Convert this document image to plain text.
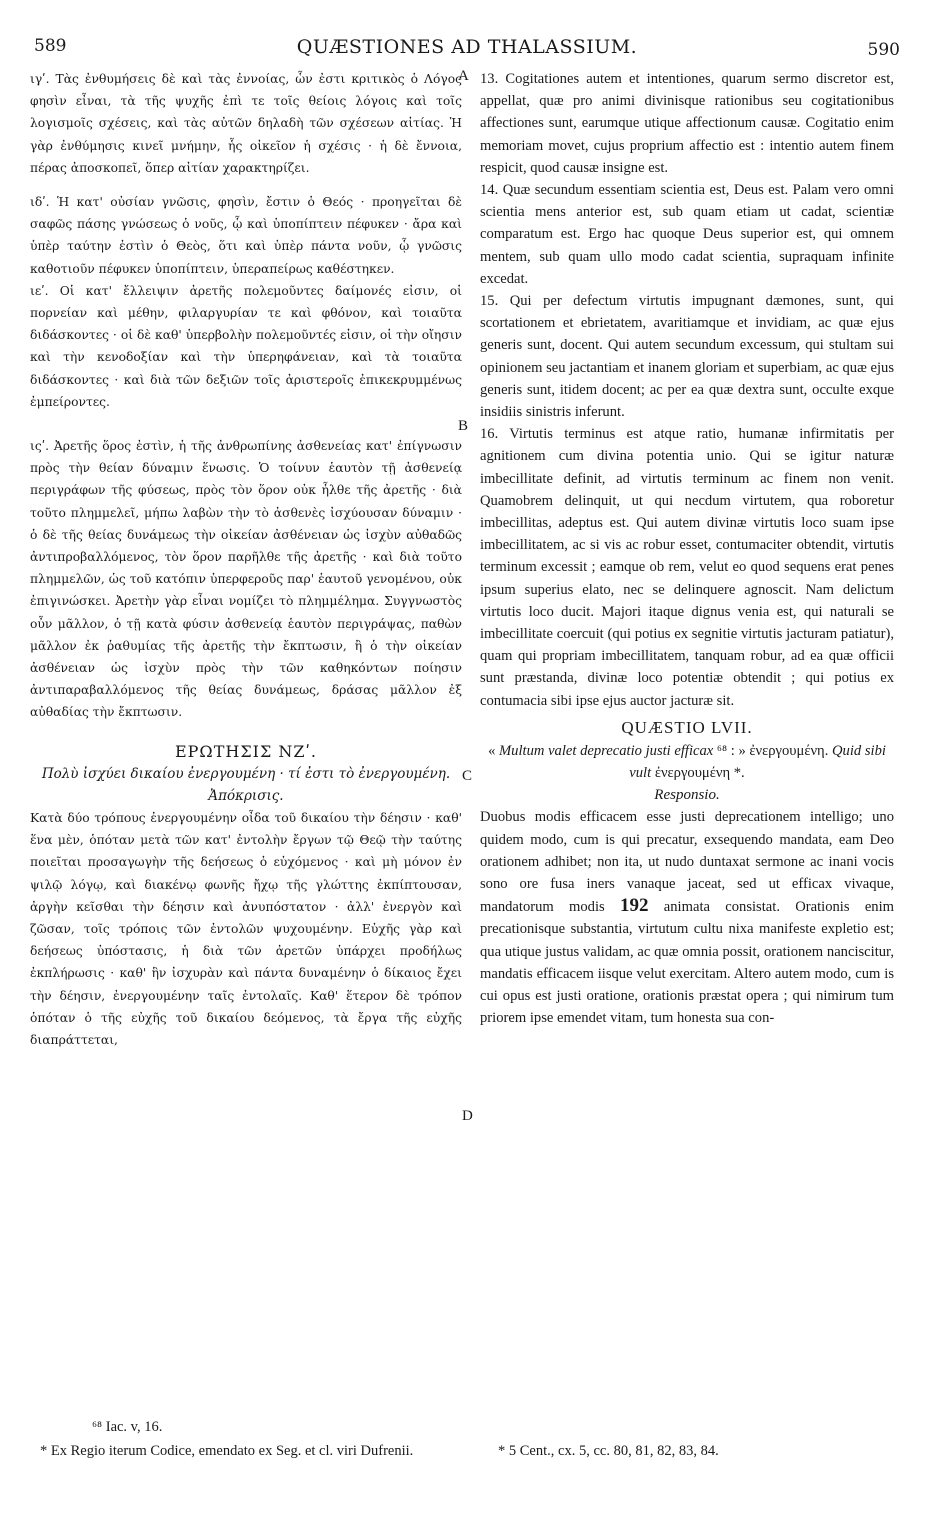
589	QUÆSTIONES AD THALASSIUM.	590
A
B
C
D

ιγʹ. Τὰς ἐνθυμήσεις δὲ καὶ τὰς ἐννοίας, ὧν ἐστι κριτικὸς ὁ Λόγος φησὶν εἶναι, τὰ τῆς ψυχῆς ἐπὶ τε τοῖς θείοις λόγοις καὶ τοῖς λογισμοῖς σχέσεις, καὶ τὰς αὐτῶν δηλαδὴ τῶν σχέσεων αἰτίας. Ἡ γὰρ ἐνθύμησις κινεῖ μνήμην, ἧς οἰκεῖον ἡ σχέσις · ἡ δὲ ἔννοια, πέρας ἀποσκοπεῖ, ὅπερ αἰτίαν χαρακτηρίζει.

ιδʹ. Ἡ κατ' οὐσίαν γνῶσις, φησὶν, ἔστιν ὁ Θεός · προηγεῖται δὲ σαφῶς πάσης γνώσεως ὁ νοῦς, ᾧ καὶ ὑποπίπτειν πέφυκεν · ἄρα καὶ ὑπὲρ ταύτην ἐστὶν ὁ Θεὸς, ὅτι καὶ ὑπὲρ πάντα νοῦν, ᾧ γνῶσις καθοτιοῦν πέφυκεν ὑποπίπτειν, ὑπεραπείρως καθέστηκεν.

ιεʹ. Οἱ κατ' ἔλλειψιν ἀρετῆς πολεμοῦντες δαίμονές εἰσιν, οἱ πορνείαν καὶ μέθην, φιλαργυρίαν τε καὶ φθόνον, καὶ τοιαῦτα διδάσκοντες · οἱ δὲ καθ' ὑπερβολὴν πολεμοῦντές εἰσιν, οἱ τὴν οἴησιν καὶ τὴν κενοδοξίαν καὶ τὴν ὑπερηφάνειαν, καὶ τὰ τοιαῦτα διδάσκοντες · καὶ διὰ τῶν δεξιῶν τοῖς ἀριστεροῖς ἐπικεκρυμμένως ἐμπείροντες.

ιςʹ. Ἀρετῆς ὅρος ἐστὶν, ἡ τῆς ἀνθρωπίνης ἀσθενείας κατ' ἐπίγνωσιν πρὸς τὴν θείαν δύναμιν ἕνωσις. Ὁ τοίνυν ἑαυτὸν τῇ ἀσθενείᾳ περιγράφων τῆς φύσεως, πρὸς τὸν ὅρον οὐκ ἦλθε τῆς ἀρετῆς · διὰ τοῦτο πλημμελεῖ, μήπω λαβὼν τὴν τὸ ἀσθενὲς ἰσχύουσαν δύναμιν · ὁ δὲ τῆς θείας δυνάμεως τὴν οἰκείαν ἀσθένειαν ὡς ἰσχὺν αὐθαδῶς ἀντιπροβαλλόμενος, τὸν ὅρον παρῆλθε τῆς ἀρετῆς · καὶ διὰ τοῦτο πλημμελῶν, ὡς τοῦ κατόπιν ὑπερφεροῦς παρ' ἑαυτοῦ γενομένου, οὐκ ἐπιγινώσκει. Ἀρετὴν γὰρ εἶναι νομίζει τὸ πλημμέλημα. Συγγνωστὸς οὖν μᾶλλον, ὁ τῇ κατὰ φύσιν ἀσθενείᾳ ἑαυτὸν περιγράψας, παθὼν μᾶλλον ἐκ ῥαθυμίας τῆς ἀρετῆς τὴν ἔκπτωσιν, ἢ ὁ τὴν οἰκείαν ἀσθένειαν ὡς ἰσχὺν πρὸς τὴν τῶν καθηκόντων ποίησιν ἀντιπαραβαλλόμενος τῆς θείας δυνάμεως, δράσας μᾶλλον ἐξ αὐθαδίας τὴν ἔκπτωσιν.

ΕΡΩΤΗΣΙΣ ΝΖʹ.

Πολὺ ἰσχύει δικαίου ἐνεργουμένη · τί ἐστι τὸ ἐνεργουμένη.

Ἀπόκρισις.

Κατὰ δύο τρόπους ἐνεργουμένην οἶδα τοῦ δικαίου τὴν δέησιν · καθ' ἕνα μὲν, ὁπόταν μετὰ τῶν κατ' ἐντολὴν ἔργων τῷ Θεῷ τὴν ταύτης ποιεῖται προσαγωγὴν τῆς δεήσεως ὁ εὐχόμενος · καὶ μὴ μόνον ἐν ψιλῷ λόγῳ, καὶ διακένῳ φωνῆς ἤχῳ τῆς γλώττης ἐκπίπτουσαν, ἀργὴν κεῖσθαι τὴν δέησιν καὶ ἀνυπόστατον · ἀλλ' ἐνεργὸν καὶ ζῶσαν, τοῖς τρόποις τῶν ἐντολῶν ψυχουμένην. Εὐχῆς γὰρ καὶ δεήσεως ὑπόστασις, ἡ διὰ τῶν ἀρετῶν ὑπάρχει προδήλως ἐκπλήρωσις · καθ' ἣν ἰσχυρὰν καὶ πάντα δυναμένην ὁ δίκαιος ἔχει τὴν δέησιν, ἐνεργουμένην ταῖς ἐντολαῖς. Καθ' ἕτερον δὲ τρόπον ὁπόταν ὁ τῆς εὐχῆς τοῦ δικαίου δεόμενος, τὰ ἔργα τῆς εὐχῆς διαπράττεται,

13. Cogitationes autem et intentiones, quarum sermo discretor est, appellat, quæ pro animi divinisque rationibus seu cogitationibus affectiones sunt, earumque utique affectionum causæ. Cogitatio enim memoriam movet, cujus proprium affectio est : intentio autem finem respicit, quod causæ insigne est.

14. Quæ secundum essentiam scientia est, Deus est. Palam vero omni scientia mens anterior est, sub quam etiam ut cadat, scientiæ comparatum est. Ergo hac quoque Deus superior est, qui omnem mentem, sub quam ullo modo cadat scientia, supraquam infinite excedat.

15. Qui per defectum virtutis impugnant dæmones, sunt, qui scortationem et ebrietatem, avaritiamque et invidiam, ac quæ ejus generis sunt, docent. Qui autem secundum excessum, qui stultam sui opinionem seu jactantiam et inanem gloriam et superbiam, ac quæ ejus generis sunt, itidem docent; ac per ea quæ dextra sunt, occulte exque insidiis sinistris inferunt.

16. Virtutis terminus est atque ratio, humanæ infirmitatis per agnitionem cum divina potentia unio. Qui se igitur naturæ imbecillitate definit, ad virtutis terminum ac finem non venit. Quamobrem delinquit, ut qui necdum virtutem, qua roboretur imbecillitas, adeptus est. Qui autem divinæ virtutis loco suam ipse imbecillitatem, ac si vis ac robur esset, contumaciter obtendit, virtutis terminum excessit ; eamque ob rem, velut eo quod sequens erat penes ipsum superius elato, nec se delinquere agnoscit. Nam delictum virtutis loco ducit. Majori itaque dignus venia est, qui naturali se imbecillitate coercuit (qui potius ex segnitie virtutis jacturam patiatur), quam qui propriam imbecillitatem, tanquam robur, ad ea quæ officii sunt præstanda, divinæ loco potentiæ obtendit ; qui potius ex contumacia sibi ipse ejus auctor jacturæ sit.

QUÆSTIO LVII.

« Multum valet deprecatio justi efficax ⁶⁸ : » ἐνεργουμένη. Quid sibi vult ἐνεργουμένη *.

Responsio.

Duobus modis efficacem esse justi deprecationem intelligo; uno quidem modo, cum is qui precatur, exsequendo mandata, eam Deo orationem adhibet; non ita, ut nudo duntaxat sermone ac inani vocis sono ore fusa iners vanaque jaceat, sed ut efficax vivaque, mandatorum modis 192 animata consistat. Orationis enim precationisque substantia, virtutum cultu nixa manifeste expletio est; qua utique justus validam, ac quæ omnia possit, orationem nanciscitur, mandatis efficacem iisque velut exercitam. Altero autem modo, cum is cui opus est justi oratione, orationis præstat opera ; qui nimirum tum priorem ipse emendet vitam, tum honesta sua con-

⁶⁸ Iac. v, 16.
* Ex Regio iterum Codice, emendato ex Seg. et cl. viri Dufrenii.	* 5 Cent., cx. 5, cc. 80, 81, 82, 83, 84.
